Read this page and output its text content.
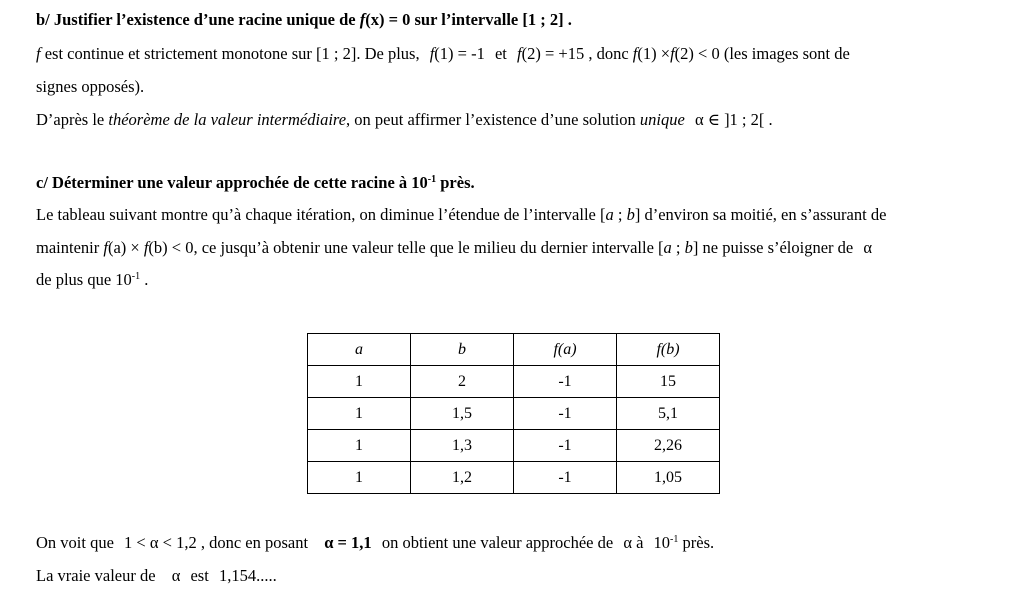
b/ Justifier l’existence d’une racine unique de f(x) = 0 sur l’intervalle [1 ; 2] .
f est continue et strictement monotone sur [1 ; 2]. De plus, f(1) = -1 et f(2) = +15 , donc f(1) ×f(2) < 0 (les images sont de
signes opposés).
D’après le théorème de la valeur intermédiaire, on peut affirmer l’existence d’une solution unique α ∈ ]1 ; 2[ .
c/ Déterminer une valeur approchée de cette racine à $10^{-1}$ près.
Le tableau suivant montre qu’à chaque itération, on diminue l’étendue de l’intervalle [a ; b] d’environ sa moitié, en s’assurant de
maintenir f(a) × f(b) < 0, ce jusqu’à obtenir une valeur telle que le milieu du dernier intervalle [a ; b] ne puisse s’éloigner de α
de plus que $10^{-1}$ .
a	b	f(a)	f(b)
1	2	-1	15
1	1,5	-1	5,1
1	1,3	-1	2,26
1	1,2	-1	1,05
On voit que 1 < α < 1,2 , donc en posant α = 1,1 on obtient une valeur approchée de α à $10^{-1}$ près.
La vraie valeur de α est 1,154.....
